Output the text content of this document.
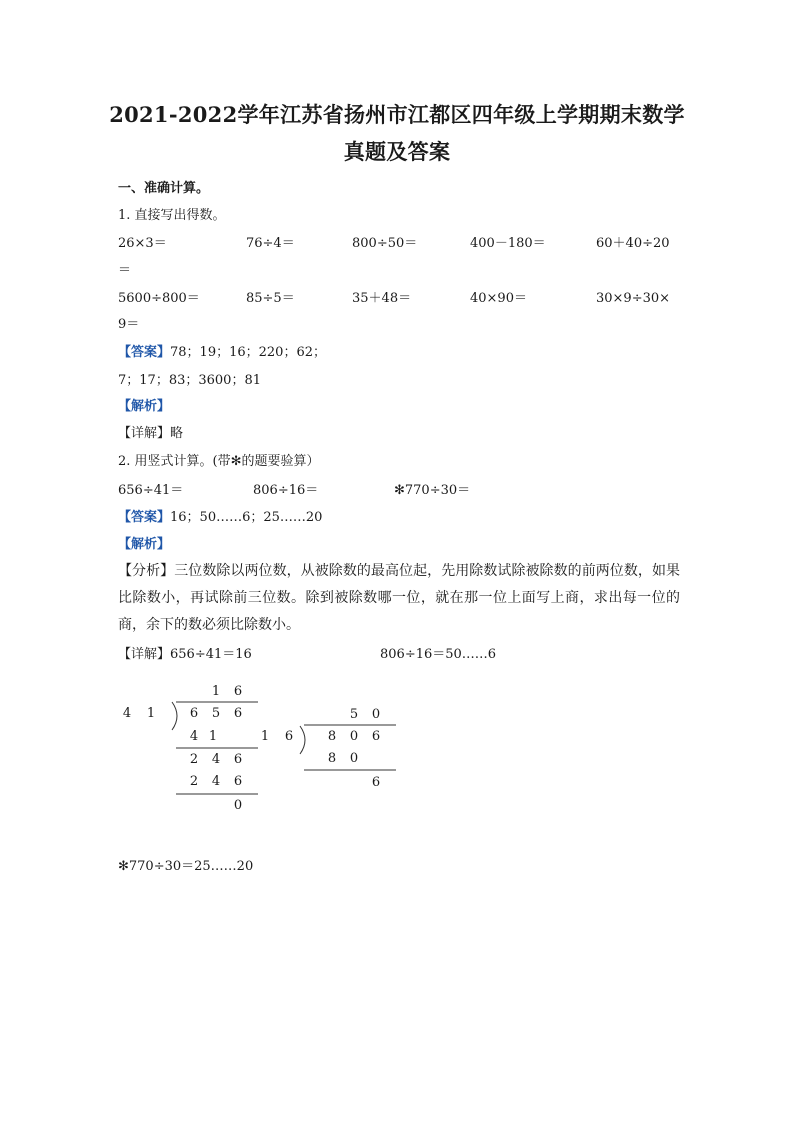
2021-2022学年江苏省扬州市江都区四年级上学期期末数学
真题及答案
一、准确计算。
1. 直接写出得数。
26×3＝	76÷4＝	800÷50＝	400－180＝	60＋40÷20
＝
5600÷800＝	85÷5＝	35＋48＝	40×90＝	30×9÷30×
9＝
【答案】78；19；16；220；62；
7；17；83；3600；81
【解析】
【详解】略
2. 用竖式计算。(带✻的题要验算）
656÷41＝	806÷16＝	✻770÷30＝
【答案】16；50……6；25……20
【解析】
【分析】三位数除以两位数，从被除数的最高位起，先用除数试除被除数的前两位数，如果比除数小，再试除前三位数。除到被除数哪一位，就在那一位上面写上商，求出每一位的商，余下的数必须比除数小。
【详解】656÷41＝16	806÷16＝50……6
1 6
4 1	6 5 6
4 1
2 4 6
2 4 6
0
5 0
1 6	8 0 6
8 0
6
✻770÷30＝25……20
